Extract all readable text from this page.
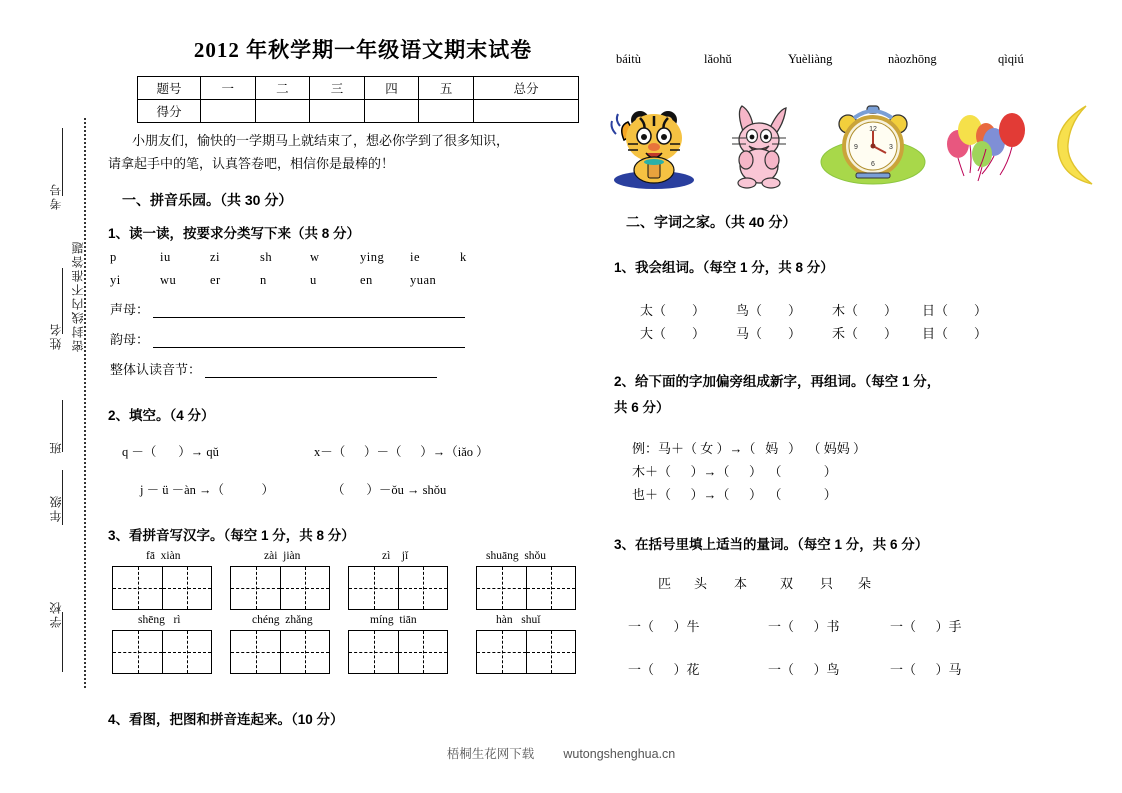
考号
姓名
班
年级
学校
密封线内不准答题
2012 年秋学期一年级语文期末试卷
题号	一	二	三	四	五	总分
得分						

小朋友们，愉快的一学期马上就结束了，想必你学到了很多知识，

请拿起手中的笔，认真答卷吧，相信你是最棒的！

一、拼音乐园。（共 30 分）
1、读一读，按要求分类写下来（共 8 分）
p	iu	zi	sh	w	ying	ie	k
yi	wu	er	n	u	en	yuan
声母：
韵母：
整体认读音节：
2、填空。（4 分）
q －（       ）→ qǔ	x－（      ）－（      ）→（iǎo ）
j － ü －àn →（            ）	（       ）－ǒu → shǒu
3、看拼音写汉字。（每空 1 分，共 8 分）
fā  xiàn	zài  jiàn	zì    jǐ	shuāng  shǒu
shēng   rì	chéng  zhǎng	míng  tiān	hàn   shuǐ
4、看图，把图和拼音连起来。（10 分）
báitù	lǎohǔ	Yuèliàng	nàozhōng	qìqiú
12
6
3
9
二、字词之家。（共 40 分）
1、我会组词。（每空 1 分，共 8 分）
太（        ） 鸟（        ） 木（        ） 日（        ）
大（        ） 马（        ） 禾（        ） 目（        ）
2、给下面的字加偏旁组成新字，再组词。（每空 1 分，
共 6 分）
例：马＋（ 女 ）→（   妈   ）  （ 妈妈 ）
木＋（      ）→（      ）  （             ）
也＋（      ）→（      ）  （             ）
3、在括号里填上适当的量词。（每空 1 分，共 6 分）
匹 头 本	双 只 朵
一（      ）牛	一（      ）书	一（      ）手
一（      ）花	一（      ）鸟	一（      ）马
梧桐生花网下载 wutongshenghua.cn
